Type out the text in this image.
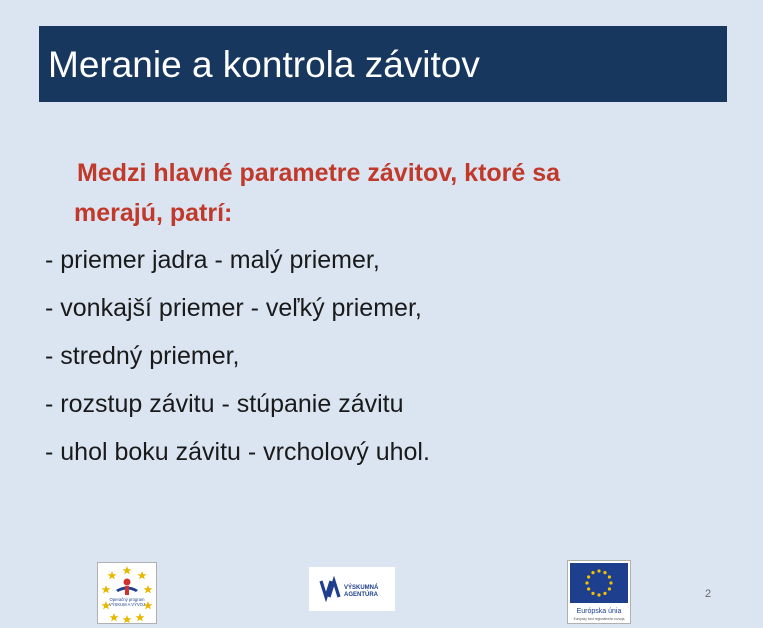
Meranie a kontrola závitov
Medzi hlavné parametre závitov, ktoré sa
merajú, patrí:
- priemer jadra - malý priemer,
- vonkajší priemer - veľký priemer,
- stredný priemer,
- rozstup závitu - stúpanie závitu
- uhol boku závitu - vrcholový uhol.
Operačný program
VÝSKUM A VÝVOJ
VÝSKUMNÁ
AGENTÚRA
Európska únia
Európsky fond regionálneho rozvoja
2
